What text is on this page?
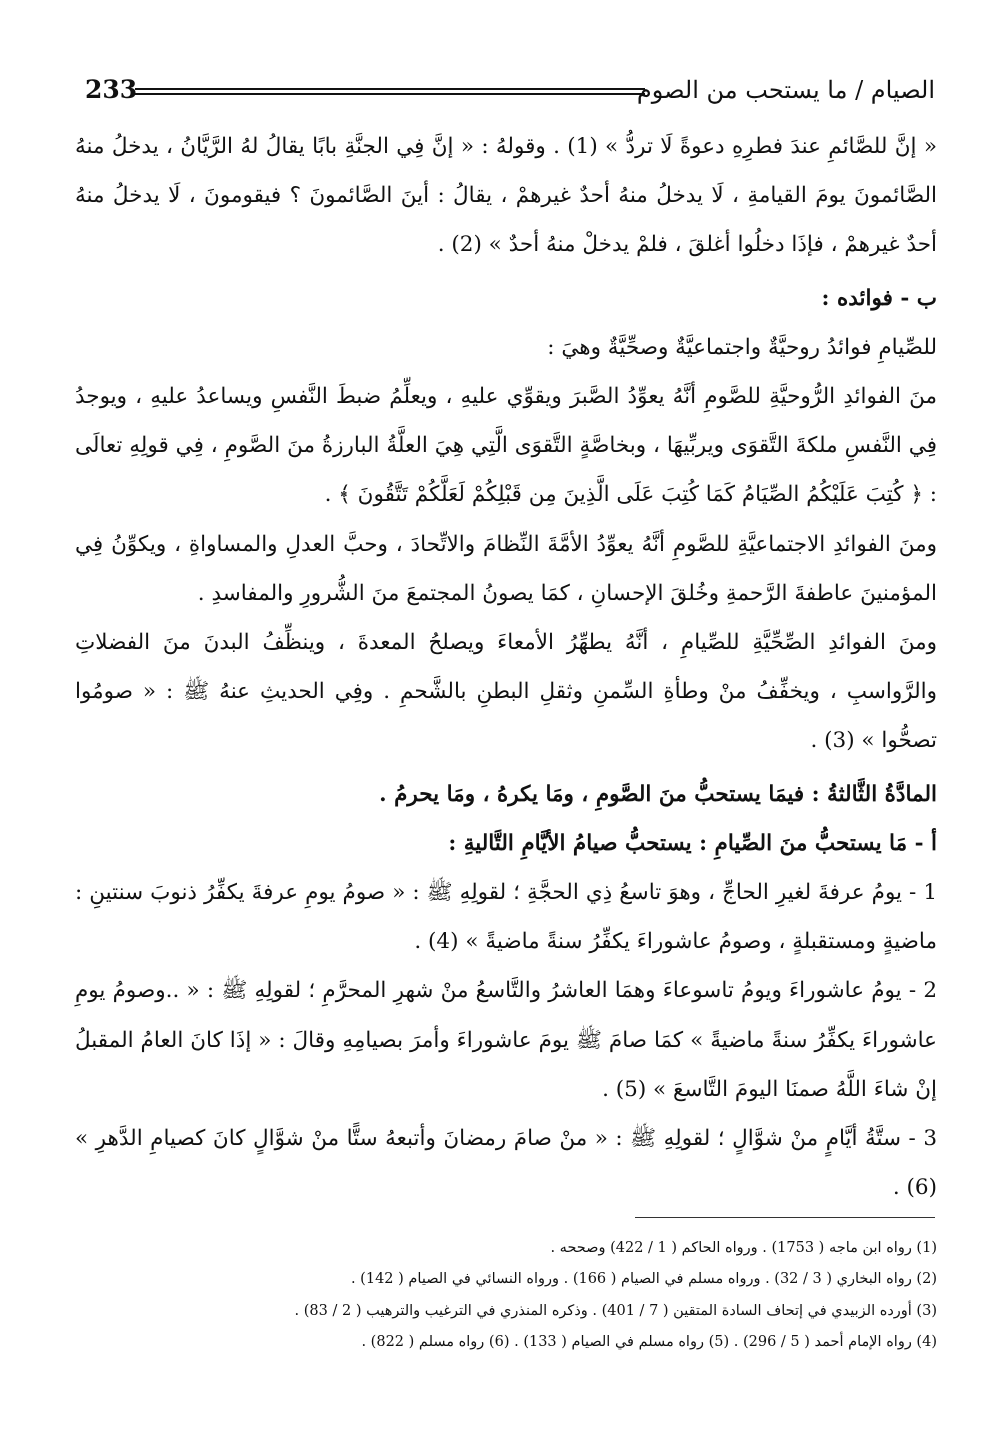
الصيام / ما يستحب من الصوم
233

« إنَّ للصَّائمِ عندَ فطرِهِ دعوةً لَا تردُّ » (1) . وقولهُ : « إنَّ فِي الجنَّةِ بابًا يقالُ لهُ الرَّيَّانُ ، يدخلُ منهُ الصَّائمونَ يومَ القيامةِ ، لَا يدخلُ منهُ أحدٌ غيرهمْ ، يقالُ : أينَ الصَّائمونَ ؟ فيقومونَ ، لَا يدخلُ منهُ أحدٌ غيرهمْ ، فإذَا دخلُوا أغلقَ ، فلمْ يدخلْ منهُ أحدٌ » (2) .

ب - فوائده :

للصِّيامِ فوائدُ روحيَّةٌ واجتماعيَّةٌ وصحِّيَّةٌ وهيَ :

منَ الفوائدِ الرُّوحيَّةِ للصَّومِ أنَّهُ يعوِّدُ الصَّبرَ ويقوِّي عليهِ ، ويعلِّمُ ضبطَ النَّفسِ ويساعدُ عليهِ ، ويوجدُ فِي النَّفسِ ملكةَ التَّقوَى ويربِّيهَا ، وبخاصَّةٍ التَّقوَى الَّتِي هِيَ العلَّةُ البارزةُ منَ الصَّومِ ، فِي قولِهِ تعالَى : ﴿ كُتِبَ عَلَيْكُمُ الصِّيَامُ كَمَا كُتِبَ عَلَى الَّذِينَ مِن قَبْلِكُمْ لَعَلَّكُمْ تَتَّقُونَ ﴾ .

ومنَ الفوائدِ الاجتماعيَّةِ للصَّومِ أنَّهُ يعوِّدُ الأمَّةَ النِّظامَ والاتِّحادَ ، وحبَّ العدلِ والمساواةِ ، ويكوِّنُ فِي المؤمنينَ عاطفةَ الرَّحمةِ وخُلقَ الإحسانِ ، كمَا يصونُ المجتمعَ منَ الشُّرورِ والمفاسدِ .

ومنَ الفوائدِ الصِّحِّيَّةِ للصِّيامِ ، أنَّهُ يطهِّرُ الأمعاءَ ويصلحُ المعدةَ ، وينظِّفُ البدنَ منَ الفضلاتِ والرَّواسبِ ، ويخفِّفُ منْ وطأةِ السِّمنِ وثقلِ البطنِ بالشَّحمِ . وفِي الحديثِ عنهُ ﷺ : « صومُوا تصحُّوا » (3) .

المادَّةُ الثَّالثةُ : فيمَا يستحبُّ منَ الصَّومِ ، ومَا يكرهُ ، ومَا يحرمُ .

أ - مَا يستحبُّ منَ الصِّيامِ : يستحبُّ صيامُ الأيَّامِ التَّاليةِ :

1 - يومُ عرفةَ لغيرِ الحاجِّ ، وهوَ تاسعُ ذِي الحجَّةِ ؛ لقولِهِ ﷺ : « صومُ يومِ عرفةَ يكفِّرُ ذنوبَ سنتينِ : ماضيةٍ ومستقبلةٍ ، وصومُ عاشوراءَ يكفِّرُ سنةً ماضيةً » (4) .

2 - يومُ عاشوراءَ ويومُ تاسوعاءَ وهمَا العاشرُ والتَّاسعُ منْ شهرِ المحرَّمِ ؛ لقولِهِ ﷺ : « ..وصومُ يومِ عاشوراءَ يكفِّرُ سنةً ماضيةً » كمَا صامَ ﷺ يومَ عاشوراءَ وأمرَ بصيامِهِ وقالَ : « إذَا كانَ العامُ المقبلُ إنْ شاءَ اللَّهُ صمنَا اليومَ التَّاسعَ » (5) .

3 - ستَّةُ أيَّامٍ منْ شوَّالٍ ؛ لقولِهِ ﷺ : « منْ صامَ رمضانَ وأتبعهُ ستًّا منْ شوَّالٍ كانَ كصيامِ الدَّهرِ » (6) .

(1) رواه ابن ماجه ( 1753) . ورواه الحاكم ( 1 / 422) وصححه .

(2) رواه البخاري ( 3 / 32) . ورواه مسلم في الصيام ( 166) . ورواه النسائي في الصيام ( 142) .

(3) أورده الزبيدي في إتحاف السادة المتقين ( 7 / 401) . وذكره المنذري في الترغيب والترهيب ( 2 / 83) .

(4) رواه الإمام أحمد ( 5 / 296) . (5) رواه مسلم في الصيام ( 133) . (6) رواه مسلم ( 822) .
